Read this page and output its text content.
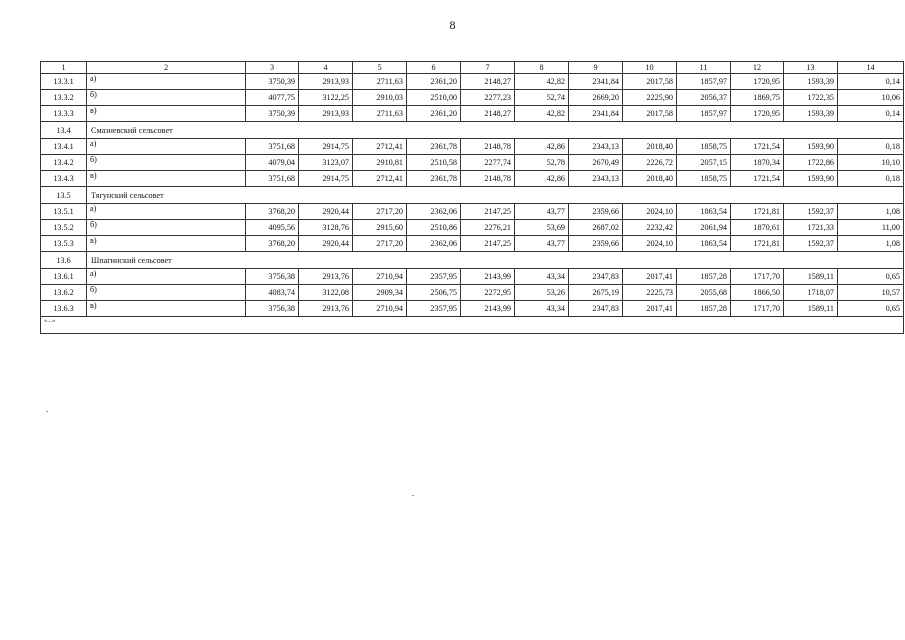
8
1	2	3	4	5	6	7	8	9	10	11	12	13	14
13.3.1	а)	3750,39	2913,93	2711,63	2361,20	2148,27	42,82	2341,84	2017,58	1857,97	1720,95	1593,39	0,14
13.3.2	б)	4077,75	3122,25	2910,03	2510,00	2277,23	52,74	2669,20	2225,90	2056,37	1869,75	1722,35	10,06
13.3.3	в)	3750,39	2913,93	2711,63	2361,20	2148,27	42,82	2341,84	2017,58	1857,97	1720,95	1593,39	0,14
13.4	Смазневский сельсовет												
13.4.1	а)	3751,68	2914,75	2712,41	2361,78	2148,78	42,86	2343,13	2018,40	1858,75	1721,54	1593,90	0,18
13.4.2	б)	4079,04	3123,07	2910,81	2510,58	2277,74	52,78	2670,49	2226,72	2057,15	1870,34	1722,86	10,10
13.4.3	в)	3751,68	2914,75	2712,41	2361,78	2148,78	42,86	2343,13	2018,40	1858,75	1721,54	1593,90	0,18
13.5	Тягунский сельсовет												
13.5.1	а)	3768,20	2920,44	2717,20	2362,06	2147,25	43,77	2359,66	2024,10	1863,54	1721,81	1592,37	1,08
13.5.2	б)	4095,56	3128,76	2915,60	2510,86	2276,21	53,69	2687,02	2232,42	2061,94	1870,61	1721,33	11,00
13.5.3	в)	3768,20	2920,44	2717,20	2362,06	2147,25	43,77	2359,66	2024,10	1863,54	1721,81	1592,37	1,08
13.6	Шпагинский сельсовет												
13.6.1	а)	3756,38	2913,76	2710,94	2357,95	2143,99	43,34	2347,83	2017,41	1857,28	1717,70	1589,11	0,65
13.6.2	б)	4083,74	3122,08	2909,34	2506,75	2272,95	53,26	2675,19	2225,73	2055,68	1866,50	1718,07	10,57
13.6.3	в)	3756,38	2913,76	2710,94	2357,95	2143,99	43,34	2347,83	2017,41	1857,28	1717,70	1589,11	0,65
«...»													
